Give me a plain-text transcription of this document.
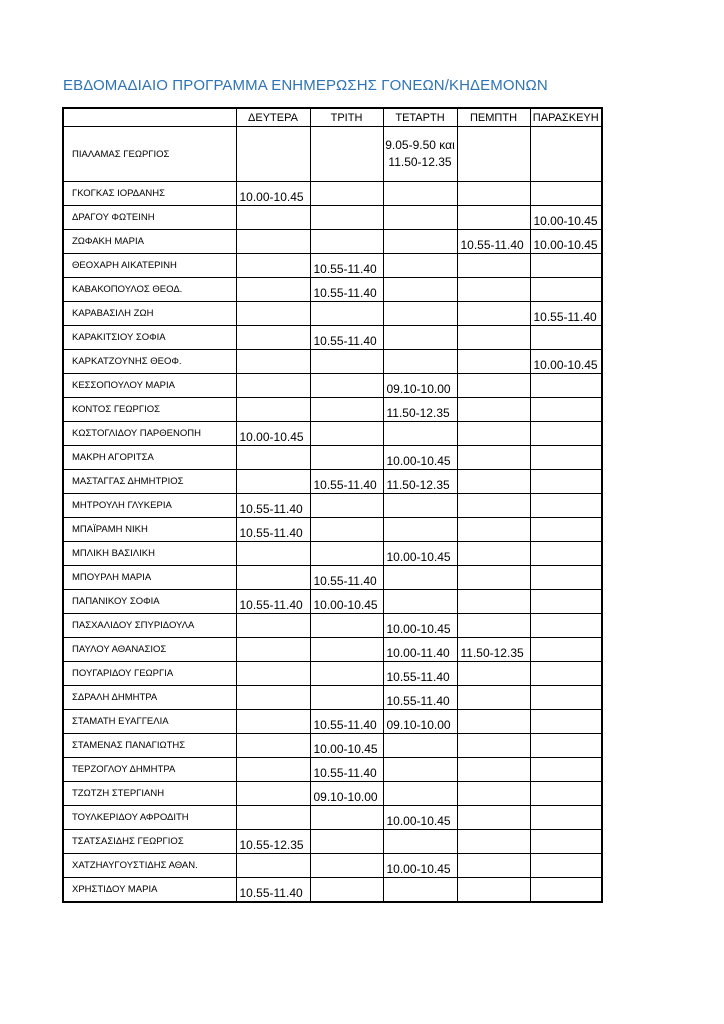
ΕΒΔΟΜΑΔΙΑΙΟ ΠΡΟΓΡΑΜΜΑ ΕΝΗΜΕΡΩΣΗΣ ΓΟΝΕΩΝ/ΚΗΔΕΜΟΝΩΝ
	ΔΕΥΤΕΡΑ	ΤΡΙΤΗ	ΤΕΤΑΡΤΗ	ΠΕΜΠΤΗ	ΠΑΡΑΣΚΕΥΗ
ΠΙΑΛΑΜΑΣ ΓΕΩΡΓΙΟΣ			9.05-9.50 και 11.50-12.35		
ΓΚΟΓΚΑΣ ΙΟΡΔΑΝΗΣ	10.00-10.45				
ΔΡΑΓΟΥ ΦΩΤΕΙΝΗ					10.00-10.45
ΖΩΦΑΚΗ ΜΑΡΙΑ				10.55-11.40	10.00-10.45
ΘΕΟΧΑΡΗ ΑΙΚΑΤΕΡΙΝΗ		10.55-11.40			
ΚΑΒΑΚΟΠΟΥΛΟΣ ΘΕΟΔ.		10.55-11.40			
ΚΑΡΑΒΑΣΙΛΗ ΖΩΗ					10.55-11.40
ΚΑΡΑΚΙΤΣΙΟΥ ΣΟΦΙΑ		10.55-11.40			
ΚΑΡΚΑΤΖΟΥΝΗΣ ΘΕΟΦ.					10.00-10.45
ΚΕΣΣΟΠΟΥΛΟΥ ΜΑΡΙΑ			09.10-10.00		
ΚΟΝΤΟΣ ΓΕΩΡΓΙΟΣ			11.50-12.35		
ΚΩΣΤΟΓΛΙΔΟΥ ΠΑΡΘΕΝΟΠΗ	10.00-10.45				
ΜΑΚΡΗ ΑΓΟΡΙΤΣΑ			10.00-10.45		
ΜΑΣΤΑΓΓΑΣ ΔΗΜΗΤΡΙΟΣ		10.55-11.40	11.50-12.35		
ΜΗΤΡΟΥΛΗ ΓΛΥΚΕΡΙΑ	10.55-11.40				
ΜΠΑΪΡΑΜΗ ΝΙΚΗ	10.55-11.40				
ΜΠΛΙΚΗ ΒΑΣΙΛΙΚΗ			10.00-10.45		
ΜΠΟΥΡΛΗ ΜΑΡΙΑ		10.55-11.40			
ΠΑΠΑΝΙΚΟΥ ΣΟΦΙΑ	10.55-11.40	10.00-10.45			
ΠΑΣΧΑΛΙΔΟΥ ΣΠΥΡΙΔΟΥΛΑ			10.00-10.45		
ΠΑΥΛΟΥ ΑΘΑΝΑΣΙΟΣ			10.00-11.40	11.50-12.35	
ΠΟΥΓΑΡΙΔΟΥ ΓΕΩΡΓΙΑ			10.55-11.40		
ΣΔΡΑΛΗ ΔΗΜΗΤΡΑ			10.55-11.40		
ΣΤΑΜΑΤΗ ΕΥΑΓΓΕΛΙΑ		10.55-11.40	09.10-10.00		
ΣΤΑΜΕΝΑΣ ΠΑΝΑΓΙΩΤΗΣ		10.00-10.45			
ΤΕΡΖΟΓΛΟΥ ΔΗΜΗΤΡΑ		10.55-11.40			
ΤΖΩΤΖΗ ΣΤΕΡΓΙΑΝΗ		09.10-10.00			
ΤΟΥΛΚΕΡΙΔΟΥ ΑΦΡΟΔΙΤΗ			10.00-10.45		
ΤΣΑΤΣΑΣΙΔΗΣ ΓΕΩΡΓΙΟΣ	10.55-12.35				
ΧΑΤΖΗΑΥΓΟΥΣΤΙΔΗΣ ΑΘΑΝ.			10.00-10.45		
ΧΡΗΣΤΙΔΟΥ ΜΑΡΙΑ	10.55-11.40				
